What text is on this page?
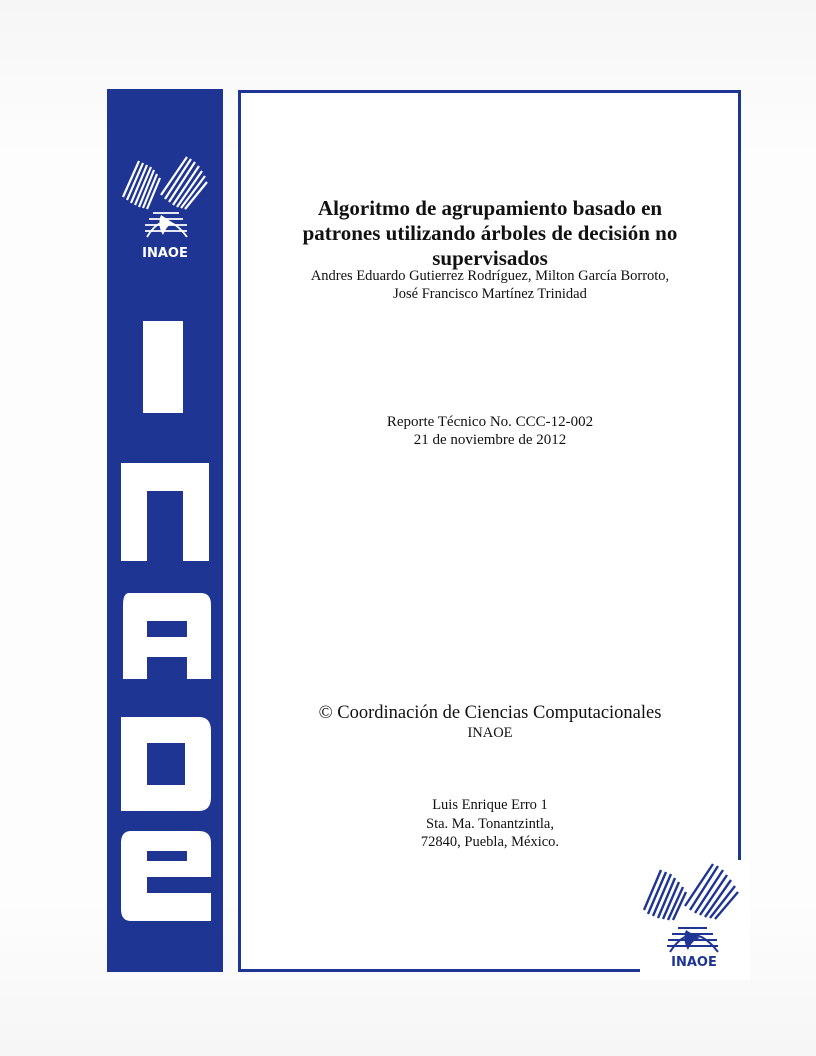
INAOE
Algoritmo de agrupamiento basado en
patrones utilizando árboles de decisión no
supervisados
Andres Eduardo Gutierrez Rodríguez, Milton García Borroto,
José Francisco Martínez Trinidad
Reporte Técnico No. CCC-12-002
21 de noviembre de 2012
© Coordinación de Ciencias Computacionales
INAOE
Luis Enrique Erro 1
Sta. Ma. Tonantzintla,
72840, Puebla, México.
INAOE
